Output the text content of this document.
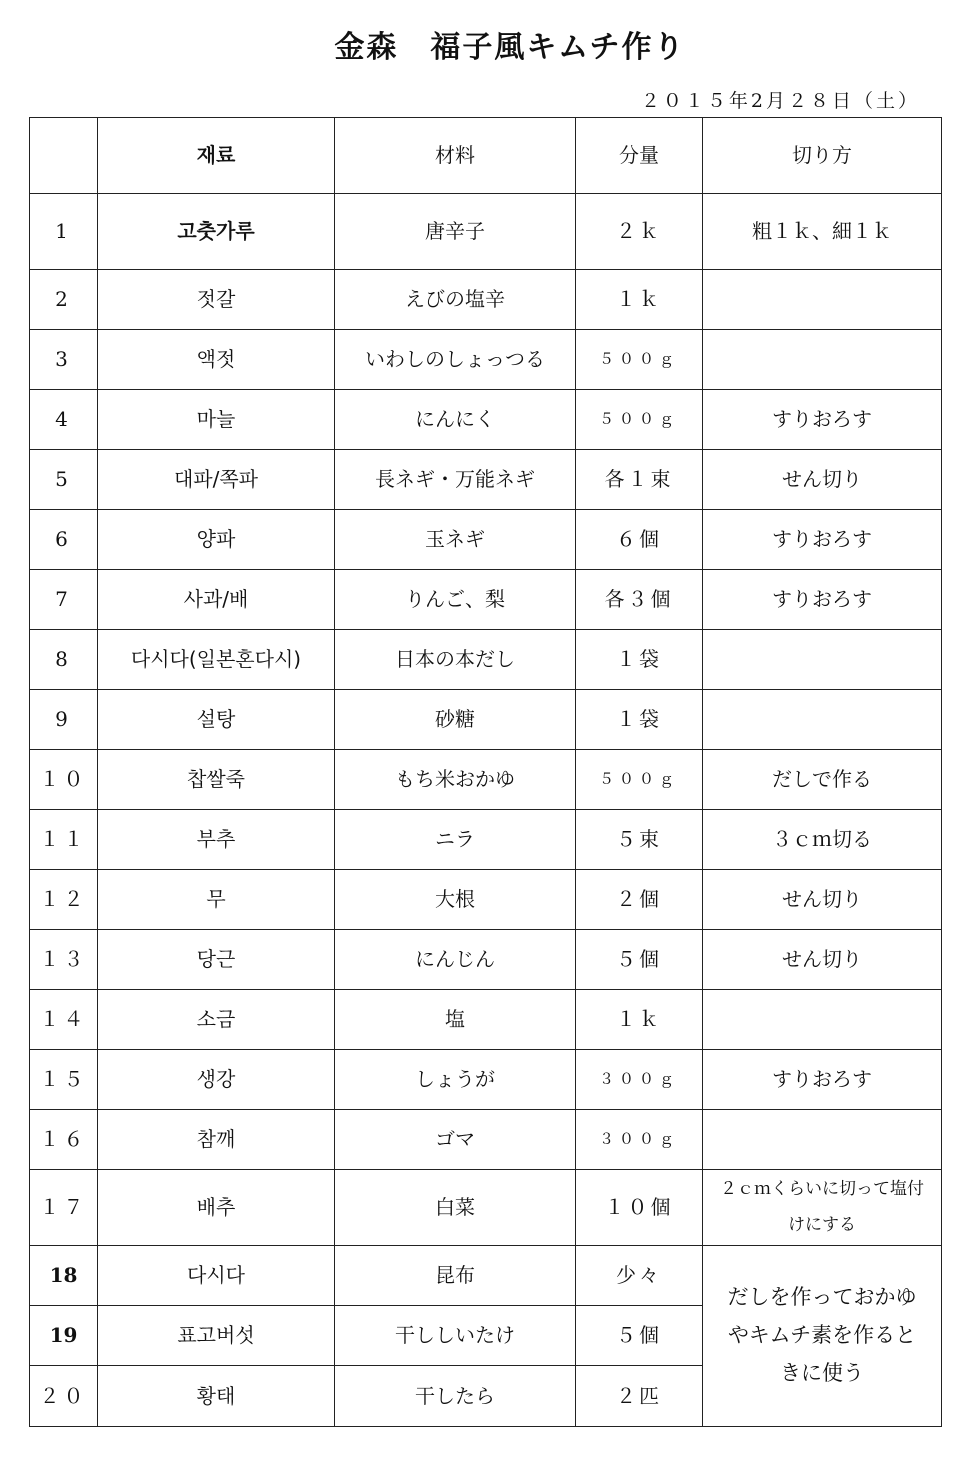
金森　福子風キムチ作り
２０１５年2月２８日（土）
	재료	材料	分量	切り方
1	고춧가루	唐辛子	２ｋ	粗１ｋ、細１ｋ
2	젓갈	えびの塩辛	１ｋ	
3	액젓	いわしのしょっつる	５００ｇ	
4	마늘	にんにく	５００ｇ	すりおろす
5	대파/쪽파	長ネギ・万能ネギ	各１束	せん切り
6	양파	玉ネギ	６個	すりおろす
7	사과/배	りんご、梨	各３個	すりおろす
8	다시다(일본혼다시)	日本の本だし	１袋	
9	설탕	砂糖	１袋	
１０	찹쌀죽	もち米おかゆ	５００ｇ	だしで作る
１１	부추	ニラ	５束	３ｃｍ切る
１２	무	大根	２個	せん切り
１３	당근	にんじん	５個	せん切り
１４	소금	塩	１ｋ	
１５	생강	しょうが	３００ｇ	すりおろす
１６	참깨	ゴマ	３００ｇ	
１７	배추	白菜	１０個	２ｃｍくらいに切って塩付けにする
18	다시다	昆布	少々	だしを作っておかゆやキムチ素を作るときに使う
19	표고버섯	干ししいたけ	５個	
２０	황태	干したら	２匹	
